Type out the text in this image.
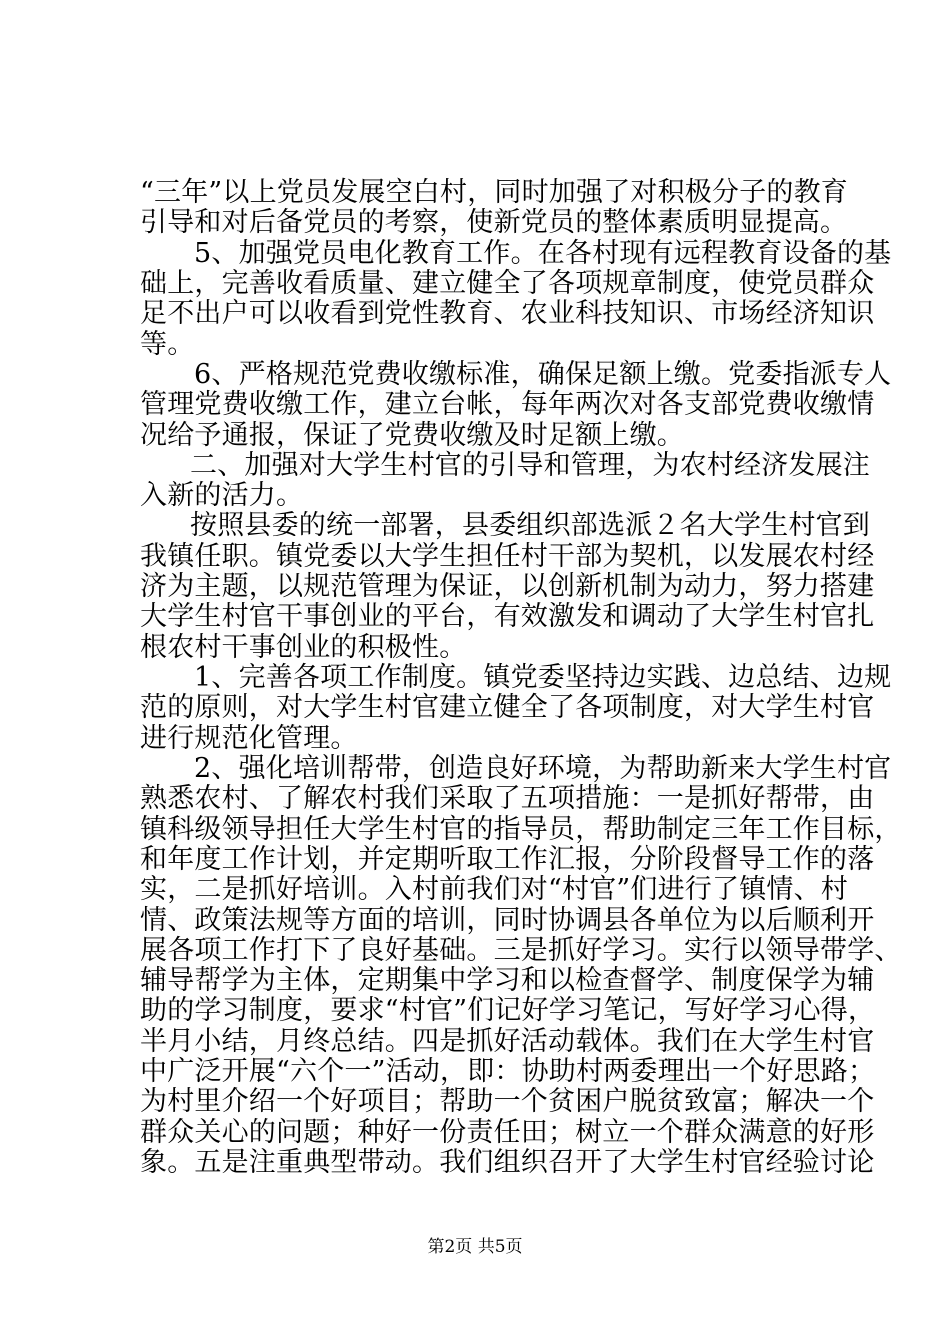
“三年”以上党员发展空白村，同时加强了对积极分子的教育
引导和对后备党员的考察，使新党员的整体素质明显提高。
5、加强党员电化教育工作。在各村现有远程教育设备的基
础上，完善收看质量、建立健全了各项规章制度，使党员群众
足不出户可以收看到党性教育、农业科技知识、市场经济知识
等。
6、严格规范党费收缴标准，确保足额上缴。党委指派专人
管理党费收缴工作，建立台帐，每年两次对各支部党费收缴情
况给予通报，保证了党费收缴及时足额上缴。
二、加强对大学生村官的引导和管理，为农村经济发展注
入新的活力。
按照县委的统一部署，县委组织部选派２名大学生村官到
我镇任职。镇党委以大学生担任村干部为契机，以发展农村经
济为主题，以规范管理为保证，以创新机制为动力，努力搭建
大学生村官干事创业的平台，有效激发和调动了大学生村官扎
根农村干事创业的积极性。
1、完善各项工作制度。镇党委坚持边实践、边总结、边规
范的原则，对大学生村官建立健全了各项制度，对大学生村官
进行规范化管理。
2、强化培训帮带，创造良好环境，为帮助新来大学生村官
熟悉农村、了解农村我们采取了五项措施：一是抓好帮带，由
镇科级领导担任大学生村官的指导员，帮助制定三年工作目标，
和年度工作计划，并定期听取工作汇报，分阶段督导工作的落
实，二是抓好培训。入村前我们对“村官”们进行了镇情、村
情、政策法规等方面的培训，同时协调县各单位为以后顺利开
展各项工作打下了良好基础。三是抓好学习。实行以领导带学、
辅导帮学为主体，定期集中学习和以检查督学、制度保学为辅
助的学习制度，要求“村官”们记好学习笔记，写好学习心得，
半月小结，月终总结。四是抓好活动载体。我们在大学生村官
中广泛开展“六个一”活动，即：协助村两委理出一个好思路；
为村里介绍一个好项目；帮助一个贫困户脱贫致富；解决一个
群众关心的问题；种好一份责任田；树立一个群众满意的好形
象。五是注重典型带动。我们组织召开了大学生村官经验讨论
第2页 共5页
